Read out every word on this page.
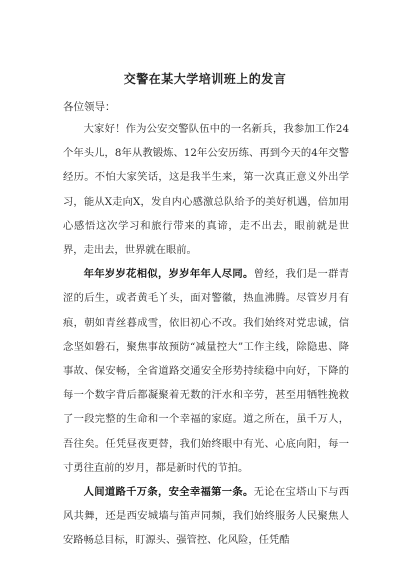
交警在某大学培训班上的发言

各位领导：

大家好！作为公安交警队伍中的一名新兵，我参加工作24个年头儿，8年从教锻炼、12年公安历练、再到今天的4年交警经历。不怕大家笑话，这是我半生来，第一次真正意义外出学习，能从X走向X，发自内心感激总队给予的美好机遇，倍加用心感悟这次学习和旅行带来的真谛，走不出去，眼前就是世界，走出去，世界就在眼前。

年年岁岁花相似，岁岁年年人尽同。曾经，我们是一群青涩的后生，或者黄毛丫头，面对警徽，热血沸腾。尽管岁月有痕，朝如青丝暮成雪，依旧初心不改。我们始终对党忠诚，信念坚如磐石，聚焦事故预防“减量控大”工作主线，除隐患、降事故、保安畅，全省道路交通安全形势持续稳中向好，下降的每一个数字背后都凝聚着无数的汗水和辛劳，甚至用牺牲挽救了一段完整的生命和一个幸福的家庭。道之所在，虽千万人，吾往矣。任凭昼夜更替，我们始终眼中有光、心底向阳，每一寸勇往直前的岁月，都是新时代的节拍。

人间道路千万条，安全幸福第一条。无论在宝塔山下与西风共舞，还是西安城墙与笛声同频，我们始终服务人民聚焦人安路畅总目标，盯源头、强管控、化风险，任凭酷
